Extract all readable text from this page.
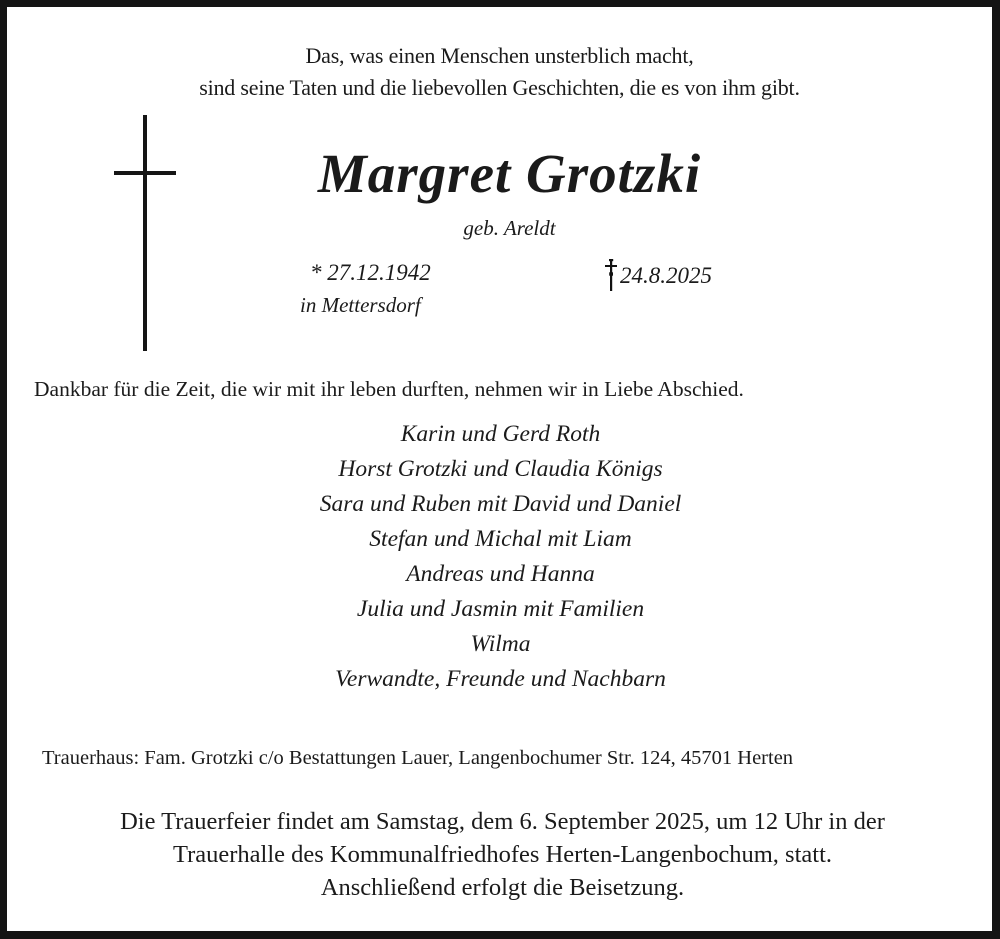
Das, was einen Menschen unsterblich macht,
sind seine Taten und die liebevollen Geschichten, die es von ihm gibt.
Margret Grotzki
geb. Areldt
* 27.12.1942
in Mettersdorf
24.8.2025
Dankbar für die Zeit, die wir mit ihr leben durften, nehmen wir in Liebe Abschied.
Karin und Gerd Roth
Horst Grotzki und Claudia Königs
Sara und Ruben mit David und Daniel
Stefan und Michal mit Liam
Andreas und Hanna
Julia und Jasmin mit Familien
Wilma
Verwandte, Freunde und Nachbarn
Trauerhaus: Fam. Grotzki c/o Bestattungen Lauer, Langenbochumer Str. 124, 45701 Herten
Die Trauerfeier findet am Samstag, dem 6. September 2025, um 12 Uhr in der
Trauerhalle des Kommunalfriedhofes Herten-Langenbochum, statt.
Anschließend erfolgt die Beisetzung.
